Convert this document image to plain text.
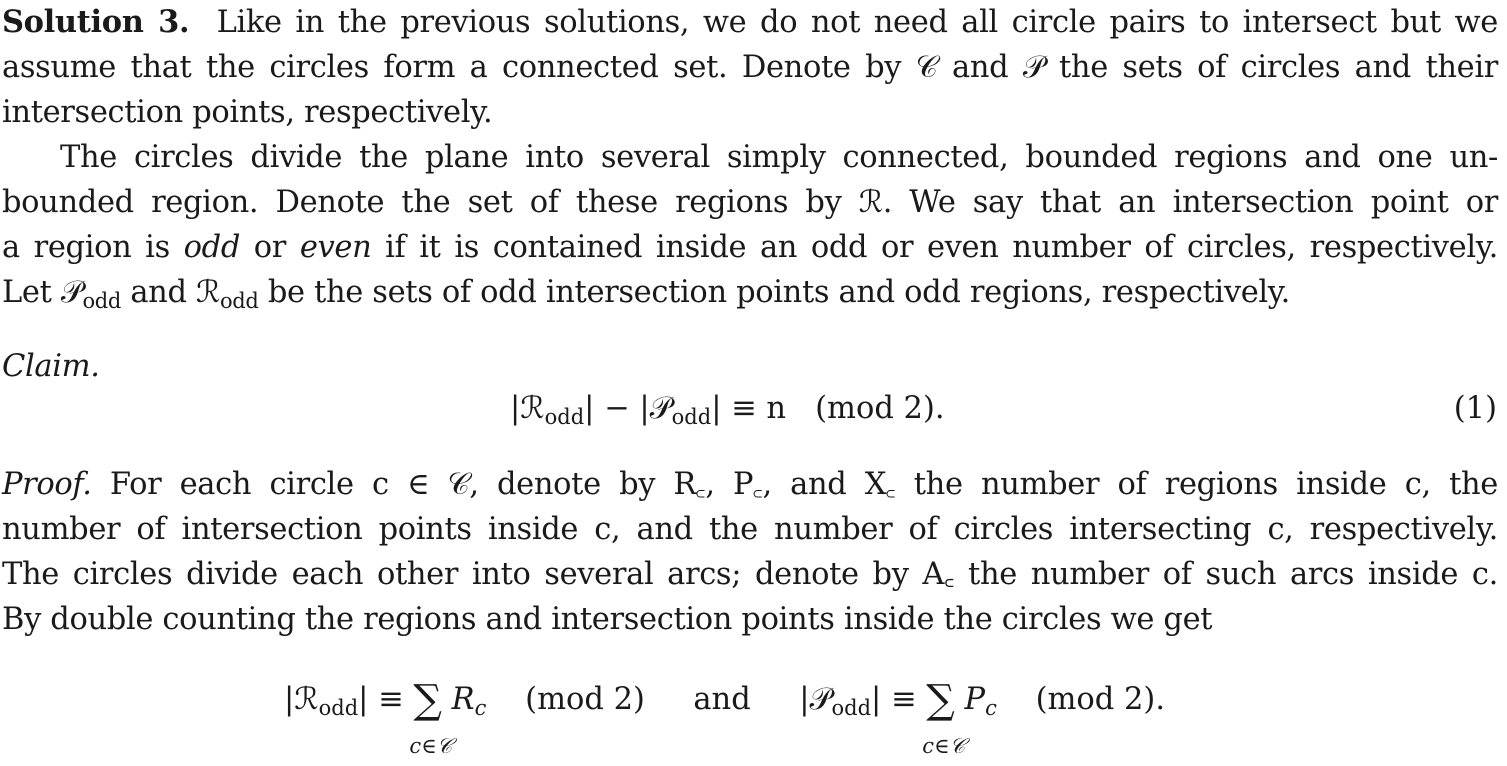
Solution 3. Like in the previous solutions, we do not need all circle pairs to intersect but we
assume that the circles form a connected set. Denote by 𝒞 and 𝒫 the sets of circles and their
intersection points, respectively.
The circles divide the plane into several simply connected, bounded regions and one un-
bounded region. Denote the set of these regions by ℛ. We say that an intersection point or
a region is odd or even if it is contained inside an odd or even number of circles, respectively.
Let 𝒫$_{odd}$ and ℛ$_{odd}$ be the sets of odd intersection points and odd regions, respectively.
Claim.
|ℛ$_{odd}$| − |𝒫$_{odd}$| ≡ n   (mod 2).	(1)
Proof. For each circle c ∈ 𝒞, denote by R꜀, P꜀, and X꜀ the number of regions inside c, the
number of intersection points inside c, and the number of circles intersecting c, respectively.
The circles divide each other into several arcs; denote by A꜀ the number of such arcs inside c.
By double counting the regions and intersection points inside the circles we get
|ℛ$_{odd}$| ≡ ∑
c∈𝒞
Rc (mod 2) and |𝒫$_{odd}$| ≡ ∑
c∈𝒞
Pc (mod 2).
